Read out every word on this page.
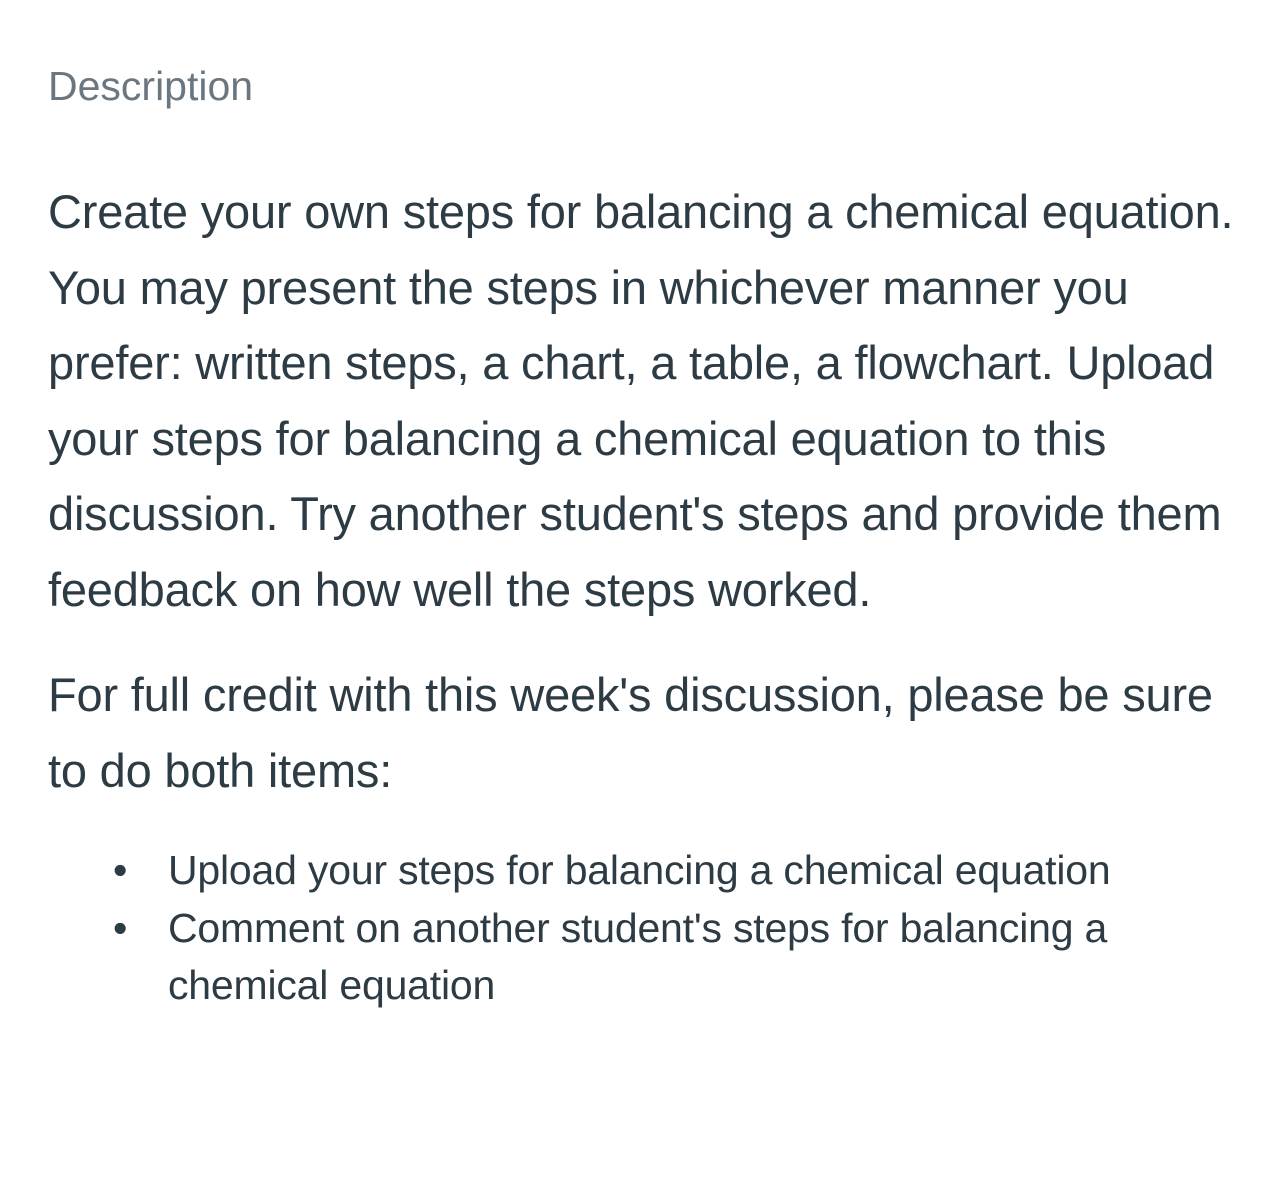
Description

Create your own steps for balancing a chemical equation. You may present the steps in whichever manner you prefer: written steps, a chart, a table, a flowchart. Upload your steps for balancing a chemical equation to this discussion. Try another student's steps and provide them feedback on how well the steps worked.

For full credit with this week's discussion, please be sure to do both items:

• Upload your steps for balancing a chemical equation
• Comment on another student's steps for balancing a chemical equation
